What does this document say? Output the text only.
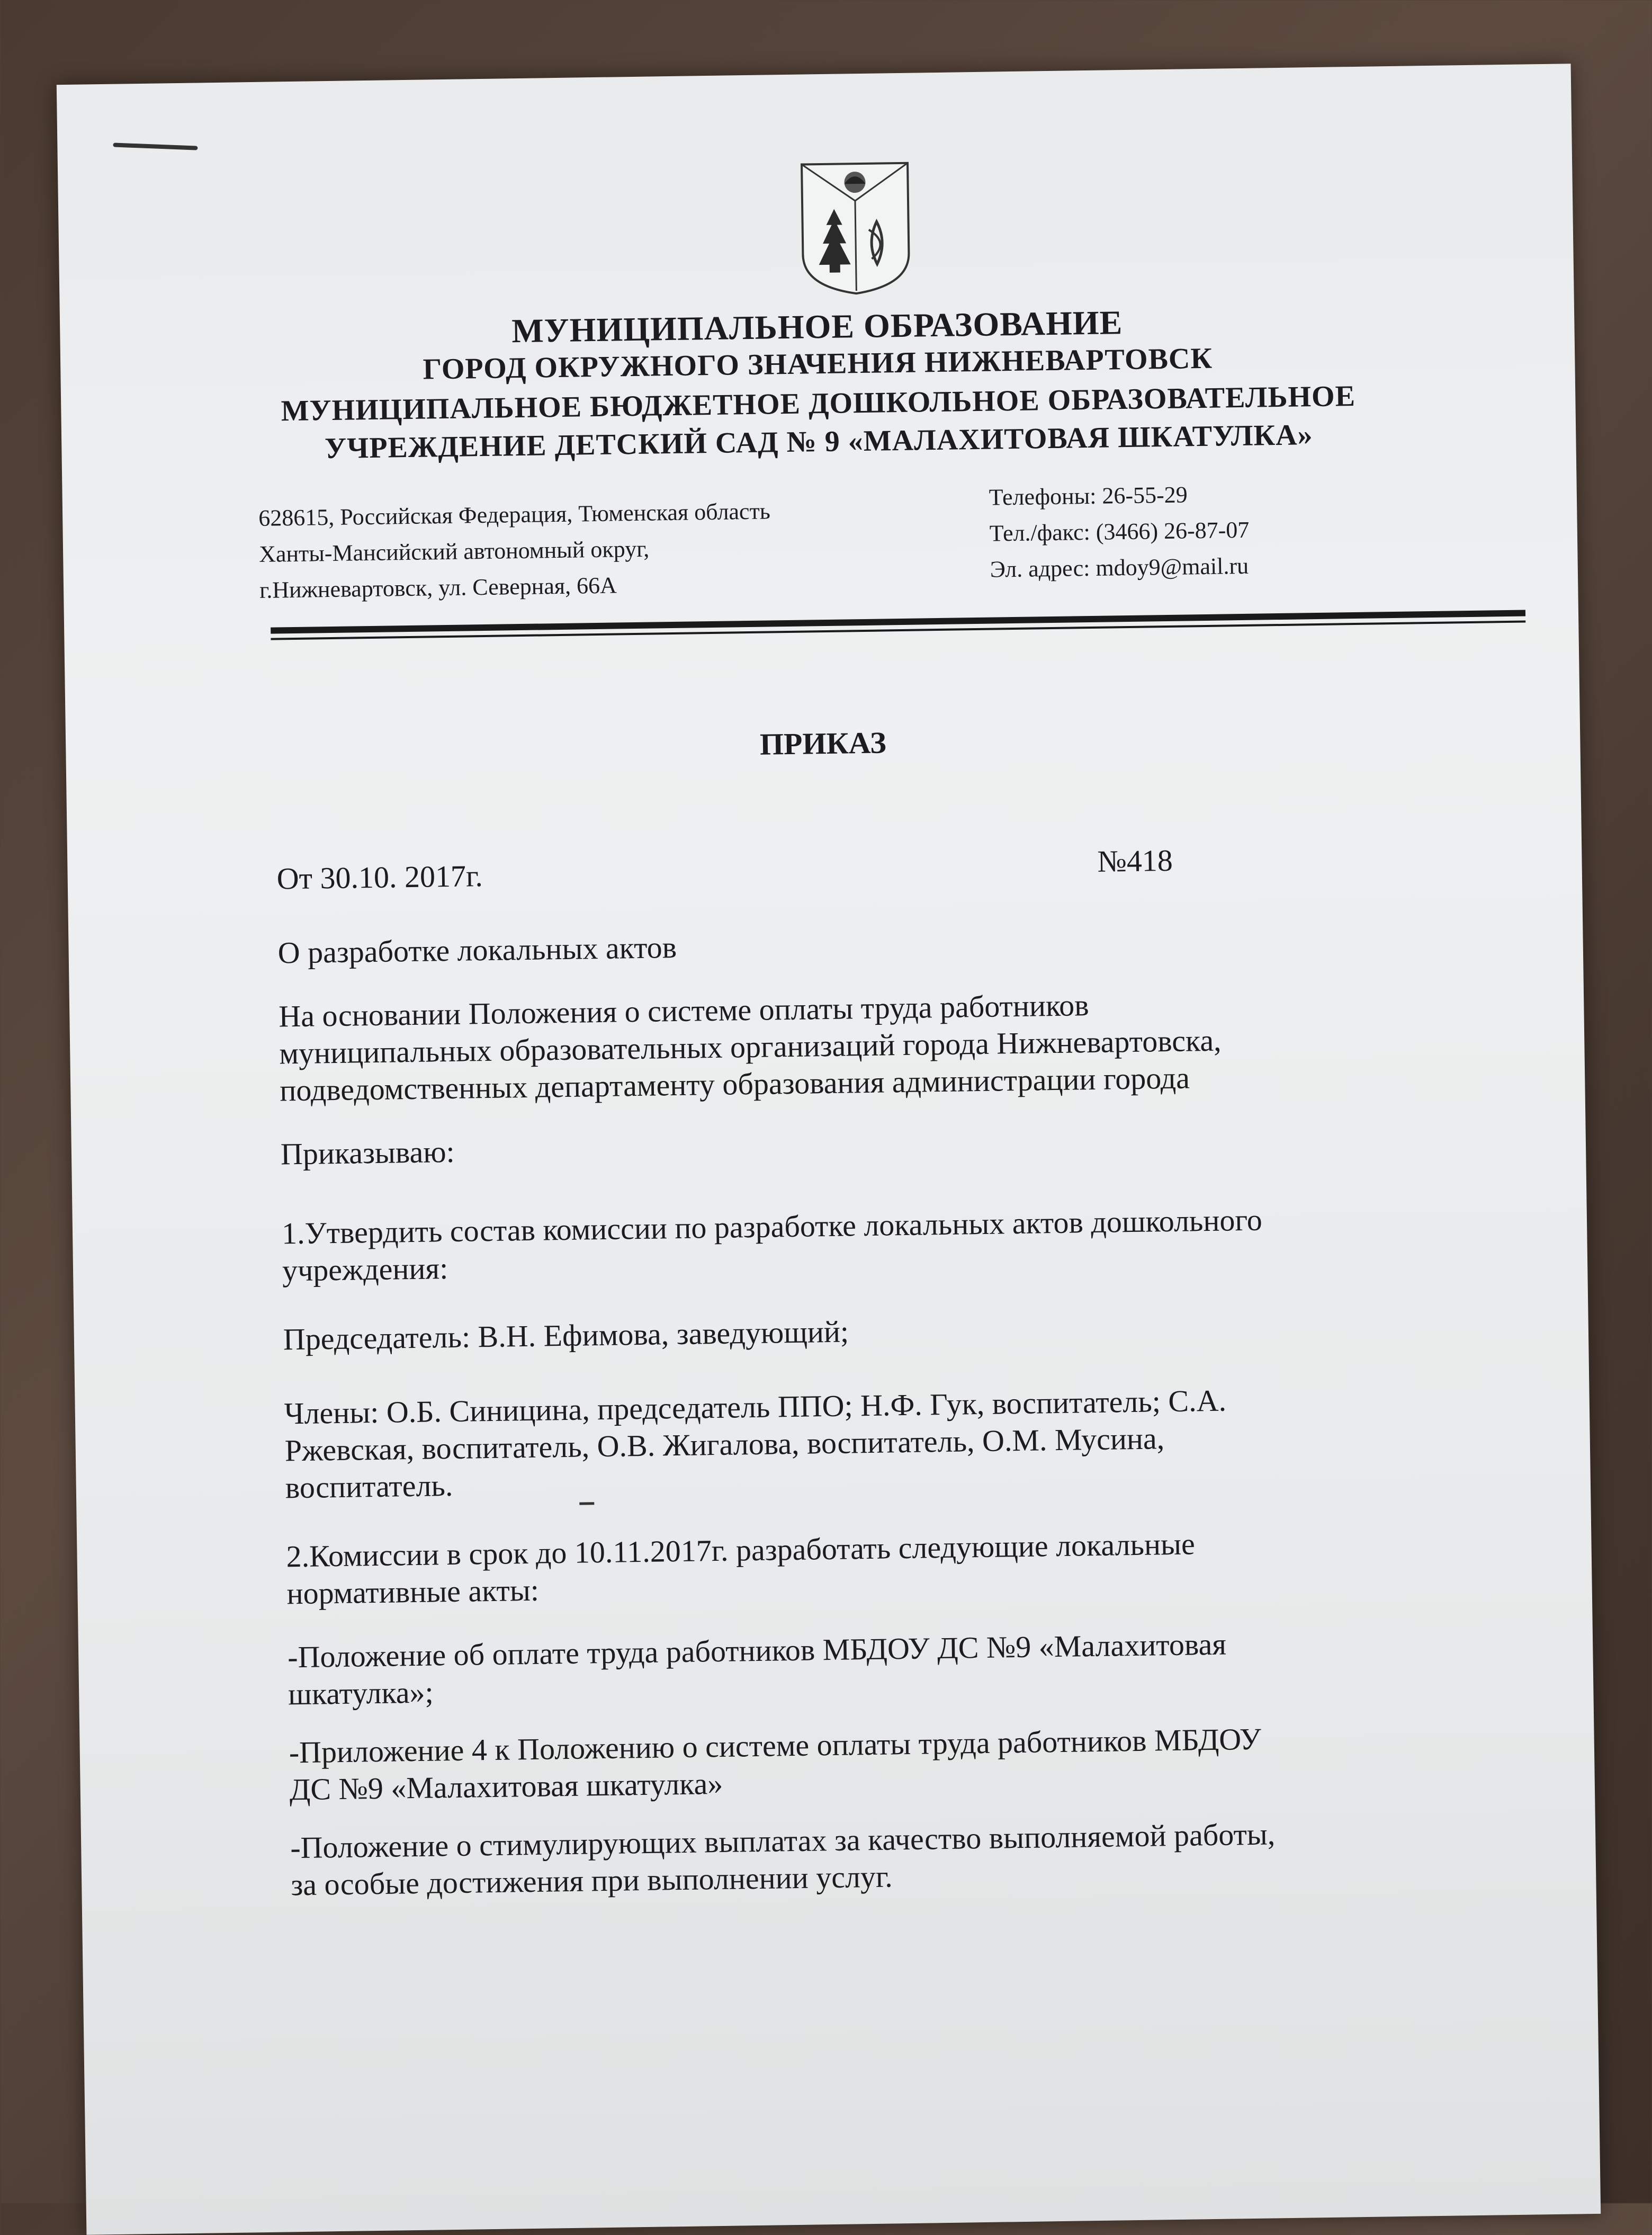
МУНИЦИПАЛЬНОЕ ОБРАЗОВАНИЕ
ГОРОД ОКРУЖНОГО ЗНАЧЕНИЯ НИЖНЕВАРТОВСК
МУНИЦИПАЛЬНОЕ БЮДЖЕТНОЕ ДОШКОЛЬНОЕ ОБРАЗОВАТЕЛЬНОЕ
УЧРЕЖДЕНИЕ ДЕТСКИЙ САД № 9 «МАЛАХИТОВАЯ ШКАТУЛКА»
628615, Российская Федерация, Тюменская область
Ханты-Мансийский автономный округ,
г.Нижневартовск, ул. Северная, 66А
Телефоны: 26-55-29
Тел./факс: (3466) 26-87-07
Эл. адрес: mdoy9@mail.ru
ПРИКАЗ
От 30.10. 2017г.	№418
О разработке локальных актов
На основании Положения о системе оплаты труда работников
муниципальных образовательных организаций города Нижневартовска,
подведомственных департаменту образования администрации города
Приказываю:
1.Утвердить состав комиссии по разработке локальных актов дошкольного
учреждения:
Председатель: В.Н. Ефимова, заведующий;
Члены: О.Б. Синицина, председатель ППО; Н.Ф. Гук, воспитатель; С.А.
Ржевская, воспитатель, О.В. Жигалова, воспитатель, О.М. Мусина,
воспитатель.
2.Комиссии в срок до 10.11.2017г. разработать следующие локальные
нормативные акты:
-Положение об оплате труда работников МБДОУ ДС №9 «Малахитовая
шкатулка»;
-Приложение 4 к Положению о системе оплаты труда работников МБДОУ
ДС №9 «Малахитовая шкатулка»
-Положение о стимулирующих выплатах за качество выполняемой работы,
за особые достижения при выполнении услуг.
